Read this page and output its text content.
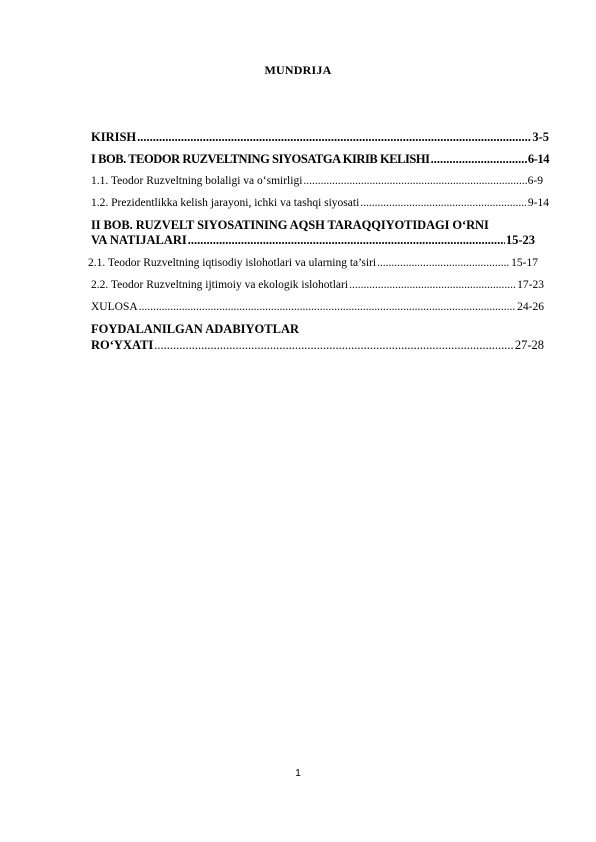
MUNDRIJA
KIRISH .....	3-5
I BOB. TEODOR RUZVELTNING SIYOSATGA KIRIB KELISHI .....	6-14
1.1. Teodor Ruzveltning bolaligi va o‘smirligi .....	6-9
1.2. Prezidentlikka kelish jarayoni, ichki va tashqi siyosati .....	9-14
II BOB. RUZVELT SIYOSATINING AQSH TARAQQIYOTIDAGI O‘RNI
VA NATIJALARI .....	15-23
2.1. Teodor Ruzveltning iqtisodiy islohotlari va ularning ta’siri .....	15-17
2.2. Teodor Ruzveltning ijtimoiy va ekologik islohotlari .....	17-23
XULOSA .....	24-26
FOYDALANILGAN ADABIYOTLAR
RO‘YXATI .....	27-28
1
